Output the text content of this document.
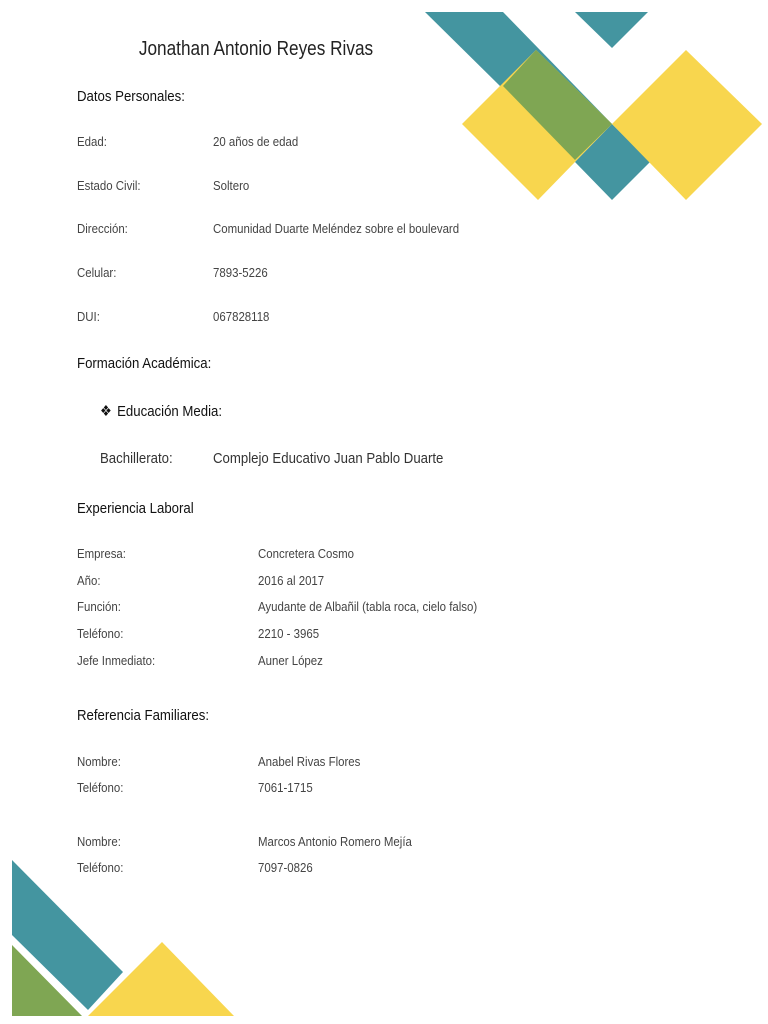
Jonathan Antonio Reyes Rivas
Datos Personales:
Edad:	20 años de edad
Estado Civil:	Soltero
Dirección:	Comunidad Duarte Meléndez sobre el boulevard
Celular:	7893-5226
DUI:	067828118
Formación Académica:
❖ Educación Media:
Bachillerato:	Complejo Educativo Juan Pablo Duarte
Experiencia Laboral
Empresa:	Concretera Cosmo
Año:	2016 al 2017
Función:	Ayudante de Albañil (tabla roca, cielo falso)
Teléfono:	2210 - 3965
Jefe Inmediato:	Auner López
Referencia Familiares:
Nombre:	Anabel Rivas Flores
Teléfono:	7061-1715
Nombre:	Marcos Antonio Romero Mejía
Teléfono:	7097-0826
